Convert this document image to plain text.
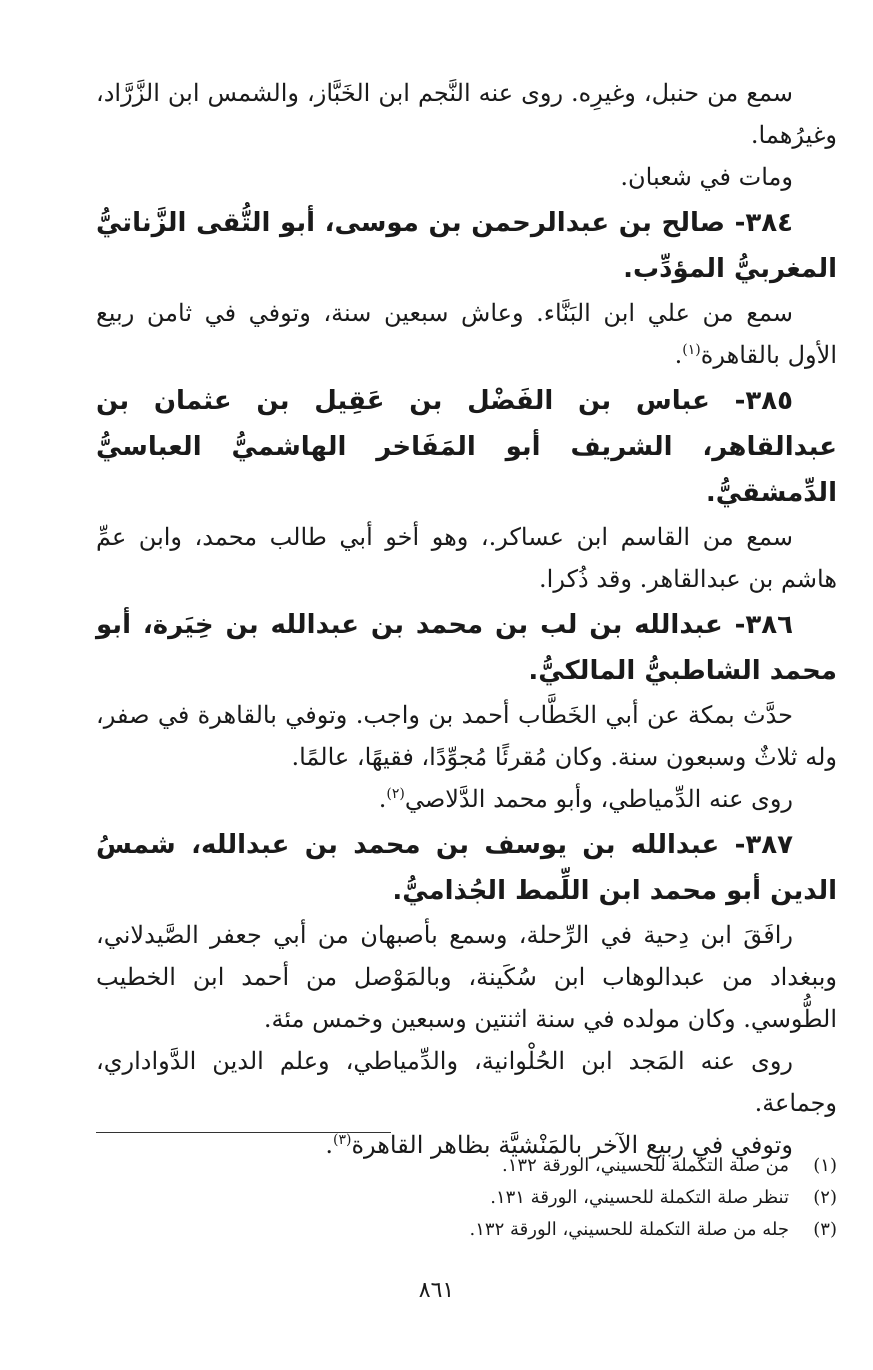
سمع من حنبل، وغيرِه. روى عنه النَّجم ابن الخَبَّاز، والشمس ابن الزَّرَّاد، وغيرُهما.

ومات في شعبان.

٣٨٤- صالح بن عبدالرحمن بن موسى، أبو التُّقى الزَّناتيُّ المغربيُّ المؤدِّب.

سمع من علي ابن البَنَّاء. وعاش سبعين سنة، وتوفي في ثامن ربيع الأول بالقاهرة$^{(١)}$.

٣٨٥- عباس بن الفَضْل بن عَقِيل بن عثمان بن عبدالقاهر، الشريف أبو المَفَاخر الهاشميُّ العباسيُّ الدِّمشقيُّ.

سمع من القاسم ابن عساكر.، وهو أخو أبي طالب محمد، وابن عمِّ هاشم بن عبدالقاهر. وقد ذُكرا.

٣٨٦- عبدالله بن لب بن محمد بن عبدالله بن خِيَرة، أبو محمد الشاطبيُّ المالكيُّ.

حدَّث بمكة عن أبي الخَطَّاب أحمد بن واجب. وتوفي بالقاهرة في صفر، وله ثلاثٌ وسبعون سنة. وكان مُقرئًا مُجوِّدًا، فقيهًا، عالمًا.

روى عنه الدِّمياطي، وأبو محمد الدَّلاصي$^{(٢)}$.

٣٨٧- عبدالله بن يوسف بن محمد بن عبدالله، شمسُ الدين أبو محمد ابن اللِّمط الجُذاميُّ.

رافَقَ ابن دِحية في الرِّحلة، وسمع بأصبهان من أبي جعفر الصَّيدلاني، وببغداد من عبدالوهاب ابن سُكَينة، وبالمَوْصل من أحمد ابن الخطيب الطُّوسي. وكان مولده في سنة اثنتين وسبعين وخمس مئة.

روى عنه المَجد ابن الحُلْوانية، والدِّمياطي، وعلم الدين الدَّواداري، وجماعة.

وتوفي في ربيع الآخر بالمَنْشيَّة بظاهر القاهرة$^{(٣)}$.

(١)
من صلة التكملة للحسيني، الورقة ١٣٢.
(٢)
تنظر صلة التكملة للحسيني، الورقة ١٣١.
(٣)
جله من صلة التكملة للحسيني، الورقة ١٣٢.
٨٦١
